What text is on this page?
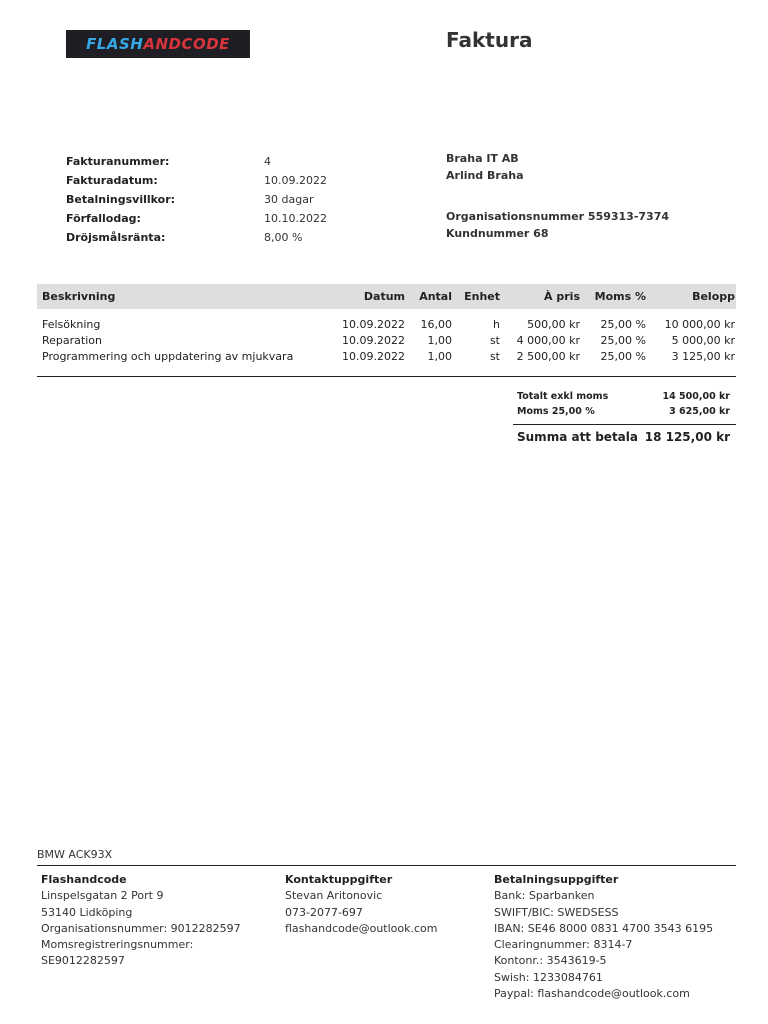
FLASH ANDCODE	Faktura
Fakturanummer:	4
Fakturadatum:	10.09.2022
Betalningsvillkor:	30 dagar
Förfallodag:	10.10.2022
Dröjsmålsränta:	8,00 %
Braha IT AB
Arlind Braha
Organisationsnummer 559313-7374
Kundnummer 68
Beskrivning	Datum	Antal	Enhet	À pris	Moms %	Belopp
Felsökning	10.09.2022	16,00	h	500,00 kr	25,00 %	10 000,00 kr
Reparation	10.09.2022	1,00	st	4 000,00 kr	25,00 %	5 000,00 kr
Programmering och uppdatering av mjukvara	10.09.2022	1,00	st	2 500,00 kr	25,00 %	3 125,00 kr
Totalt exkl moms	14 500,00 kr
Moms 25,00 %	3 625,00 kr
Summa att betala 18 125,00 kr
BMW ACK93X
Flashandcode
Linspelsgatan 2 Port 9
53140 Lidköping
Organisationsnummer: 9012282597
Momsregistreringsnummer:
SE9012282597
Kontaktuppgifter
Stevan Aritonovic
073-2077-697
flashandcode@outlook.com
Betalningsuppgifter
Bank: Sparbanken
SWIFT/BIC: SWEDSESS
IBAN: SE46 8000 0831 4700 3543 6195
Clearingnummer: 8314-7
Kontonr.: 3543619-5
Swish: 1233084761
Paypal: flashandcode@outlook.com
